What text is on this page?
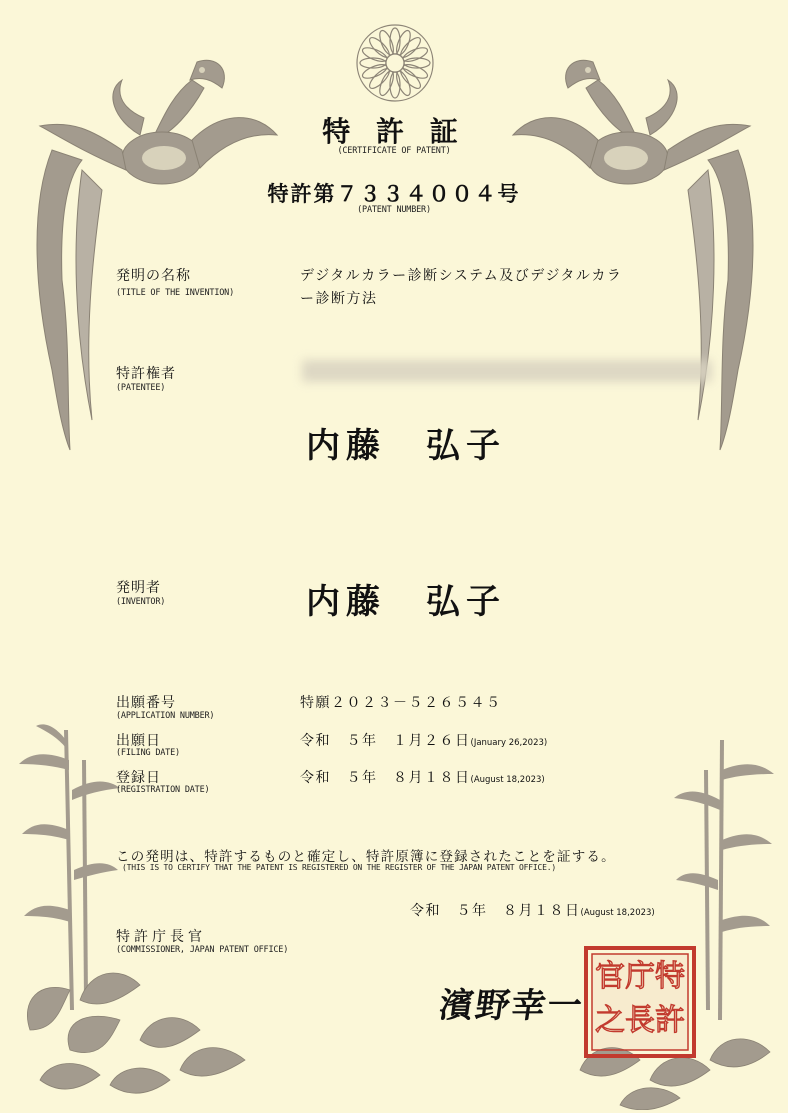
特 許 証
(CERTIFICATE OF PATENT)
特許第７３３４００４号
(PATENT NUMBER)
発明の名称
(TITLE OF THE INVENTION)
デジタルカラー診断システム及びデジタルカラ
ー診断方法
特許権者
(PATENTEE)
内藤　弘子
発明者
(INVENTOR)	内藤　弘子
出願番号
(APPLICATION NUMBER)
特願２０２３－５２６５４５
出願日
(FILING DATE)
令和　５年　１月２６日(January 26,2023)
登録日
(REGISTRATION DATE)
令和　５年　８月１８日(August 18,2023)
この発明は、特許するものと確定し、特許原簿に登録されたことを証する。
(THIS IS TO CERTIFY THAT THE PATENT IS REGISTERED ON THE REGISTER OF THE JAPAN PATENT OFFICE.)
令和　５年　８月１８日(August 18,2023)
特許庁長官
(COMMISSIONER, JAPAN PATENT OFFICE)
濱野幸一
特
許
庁
長
官
之
